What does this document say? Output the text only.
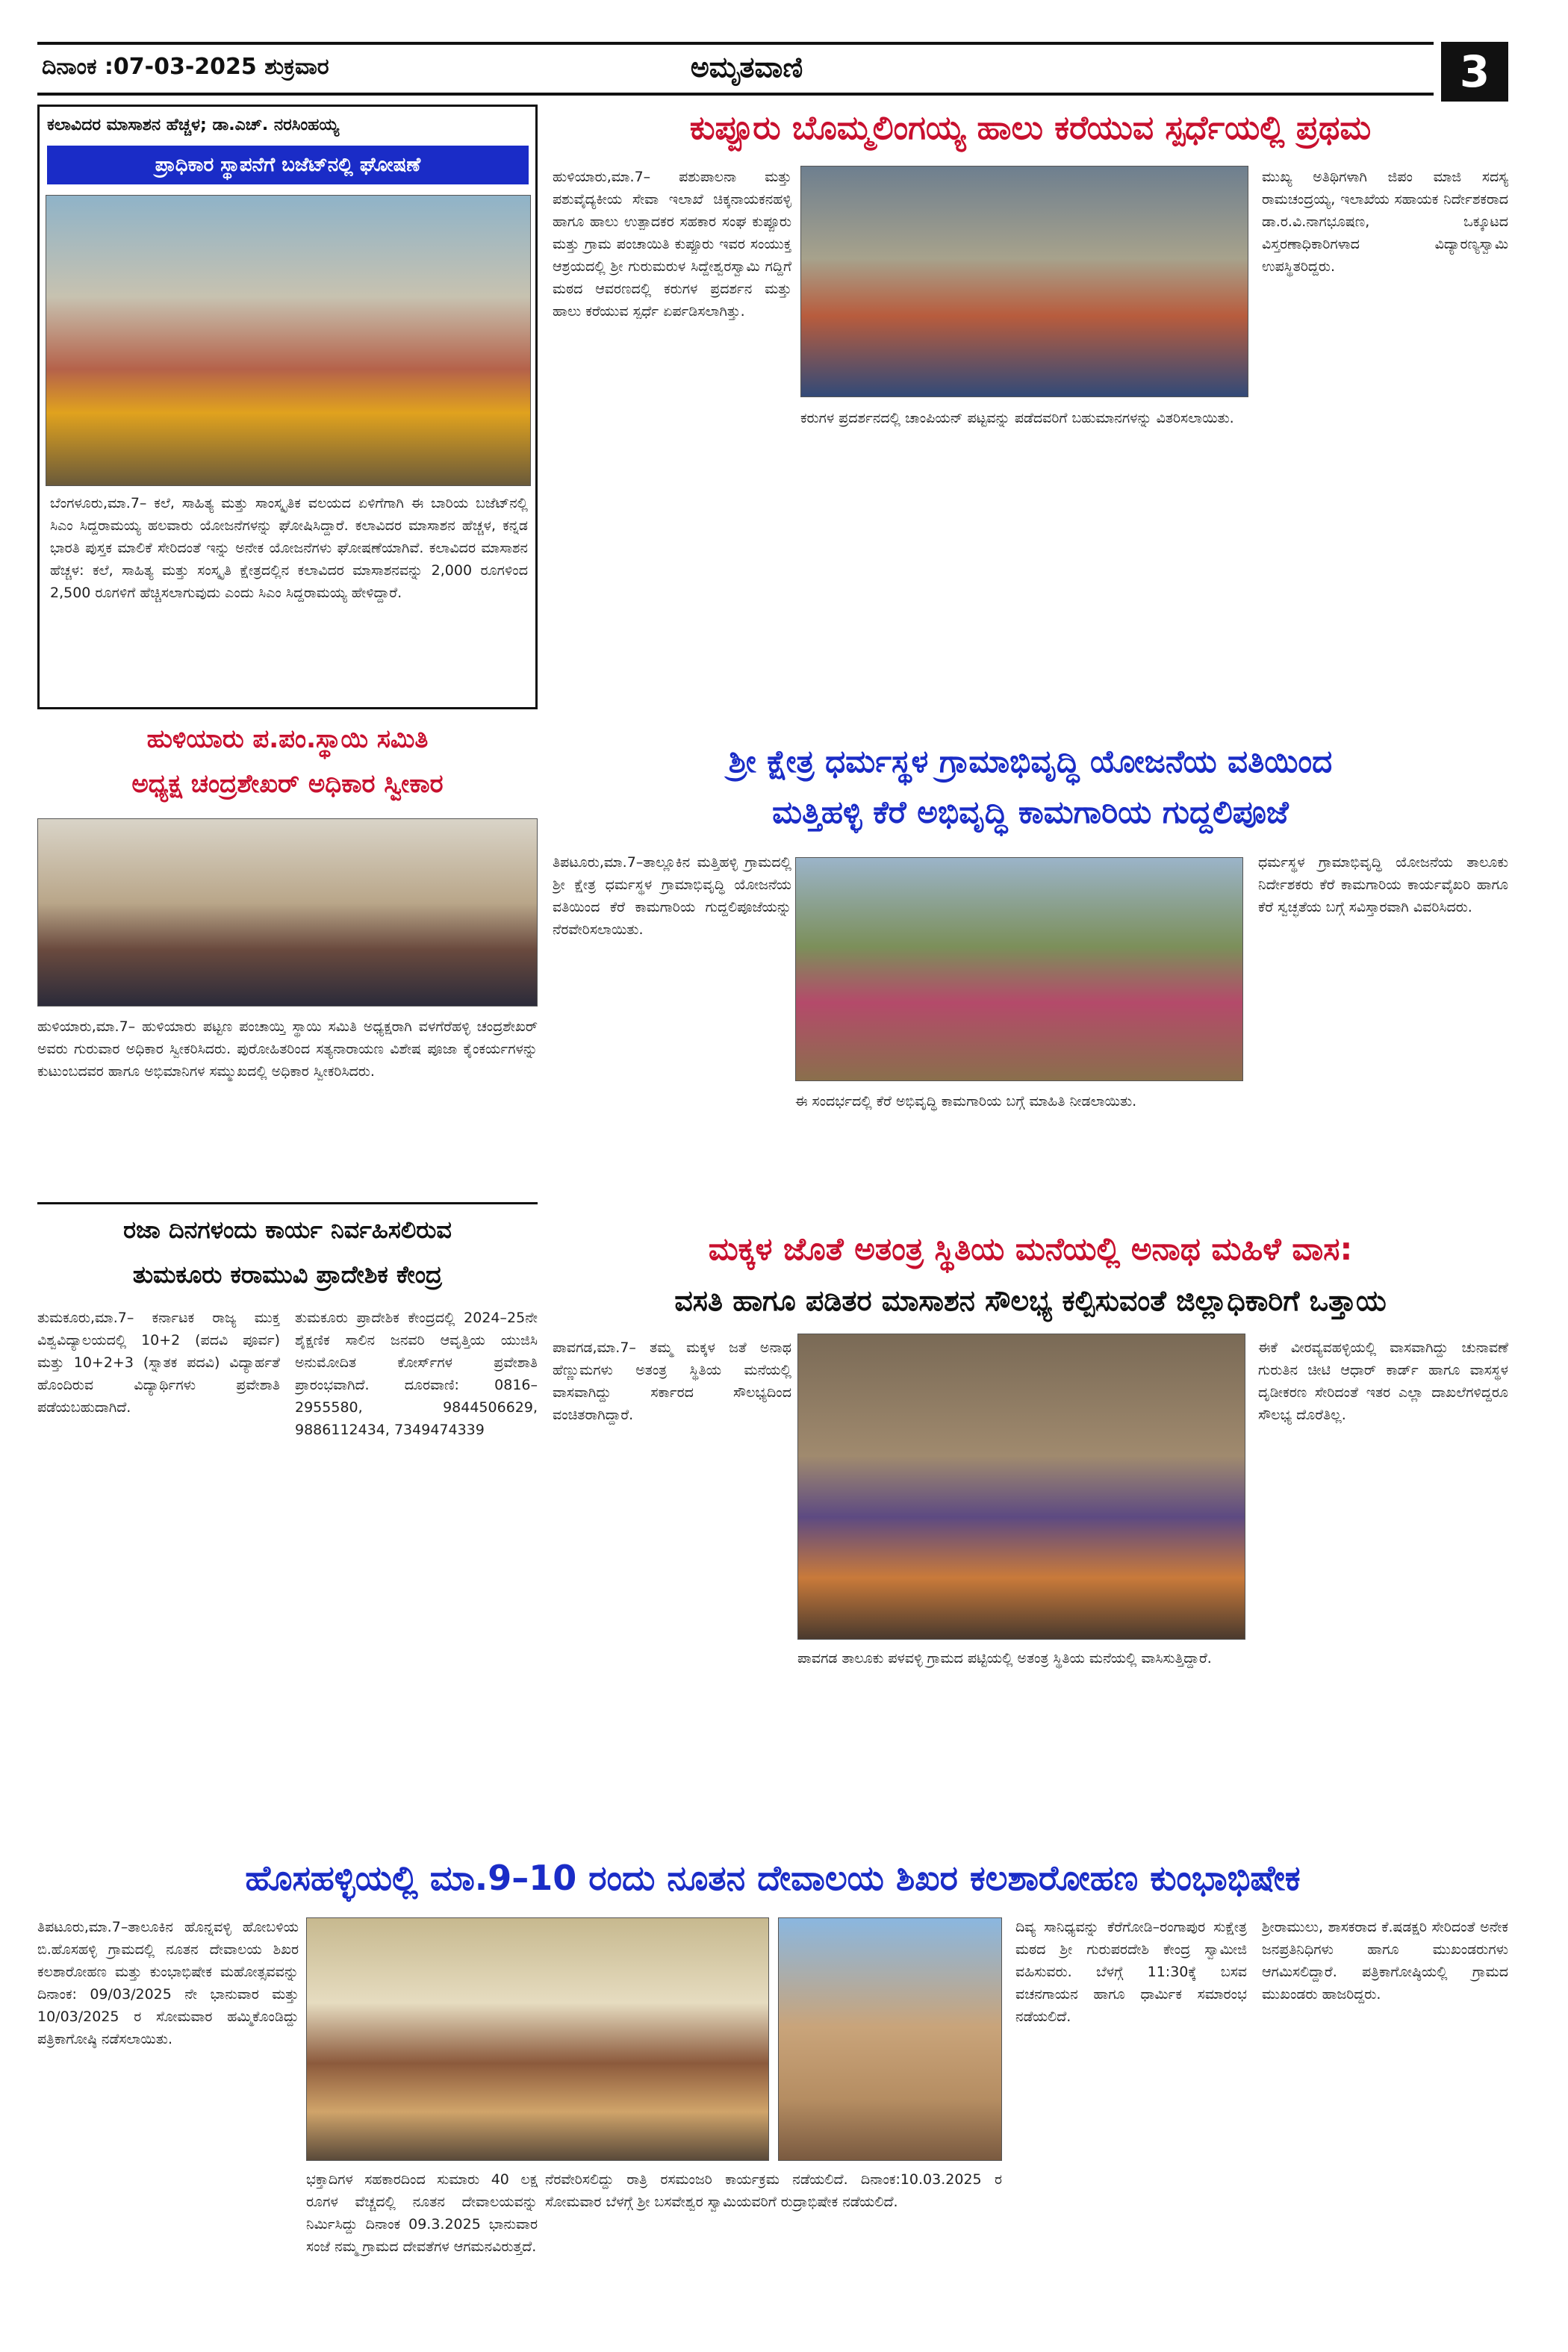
ದಿನಾಂಕ :07-03-2025 ಶುಕ್ರವಾರ	ಅಮೃತವಾಣಿ	3
ಕಲಾವಿದರ ಮಾಸಾಶನ ಹೆಚ್ಚಳ; ಡಾ.ಎಚ್. ನರಸಿಂಹಯ್ಯ
ಪ್ರಾಧಿಕಾರ ಸ್ಥಾಪನೆಗೆ ಬಜೆಟ್‌ನಲ್ಲಿ ಘೋಷಣೆ
ಬೆಂಗಳೂರು,ಮಾ.7– ಕಲೆ, ಸಾಹಿತ್ಯ ಮತ್ತು ಸಾಂಸ್ಕೃತಿಕ ವಲಯದ ಏಳಿಗೆಗಾಗಿ ಈ ಬಾರಿಯ ಬಜೆಟ್‌ನಲ್ಲಿ ಸಿಎಂ ಸಿದ್ದರಾಮಯ್ಯ ಹಲವಾರು ಯೋಜನೆಗಳನ್ನು ಘೋಷಿಸಿದ್ದಾರೆ. ಕಲಾವಿದರ ಮಾಸಾಶನ ಹೆಚ್ಚಳ, ಕನ್ನಡ ಭಾರತಿ ಪುಸ್ತಕ ಮಾಲಿಕೆ ಸೇರಿದಂತೆ ಇನ್ನು ಅನೇಕ ಯೋಜನೆಗಳು ಘೋಷಣೆಯಾಗಿವೆ. ಕಲಾವಿದರ ಮಾಸಾಶನ ಹೆಚ್ಚಳ: ಕಲೆ, ಸಾಹಿತ್ಯ ಮತ್ತು ಸಂಸ್ಕೃತಿ ಕ್ಷೇತ್ರದಲ್ಲಿನ ಕಲಾವಿದರ ಮಾಸಾಶನವನ್ನು 2,000 ರೂಗಳಿಂದ 2,500 ರೂಗಳಿಗೆ ಹೆಚ್ಚಿಸಲಾಗುವುದು ಎಂದು ಸಿಎಂ ಸಿದ್ದರಾಮಯ್ಯ ಹೇಳಿದ್ದಾರೆ.
ಕುಪ್ಪೂರು ಬೊಮ್ಮಲಿಂಗಯ್ಯ ಹಾಲು ಕರೆಯುವ ಸ್ಪರ್ಧೆಯಲ್ಲಿ ಪ್ರಥಮ
ಹುಳಿಯಾರು,ಮಾ.7– ಪಶುಪಾಲನಾ ಮತ್ತು ಪಶುವೈದ್ಯಕೀಯ ಸೇವಾ ಇಲಾಖೆ ಚಿಕ್ಕನಾಯಕನಹಳ್ಳಿ ಹಾಗೂ ಹಾಲು ಉತ್ಪಾದಕರ ಸಹಕಾರ ಸಂಘ ಕುಪ್ಪೂರು ಮತ್ತು ಗ್ರಾಮ ಪಂಚಾಯಿತಿ ಕುಪ್ಪೂರು ಇವರ ಸಂಯುಕ್ತ ಆಶ್ರಯದಲ್ಲಿ ಶ್ರೀ ಗುರುಮರುಳ ಸಿದ್ದೇಶ್ವರಸ್ವಾಮಿ ಗದ್ದಿಗೆ ಮಠದ ಆವರಣದಲ್ಲಿ ಕರುಗಳ ಪ್ರದರ್ಶನ ಮತ್ತು ಹಾಲು ಕರೆಯುವ ಸ್ಪರ್ಧೆ ಏರ್ಪಡಿಸಲಾಗಿತ್ತು.
ಕರುಗಳ ಪ್ರದರ್ಶನದಲ್ಲಿ ಚಾಂಪಿಯನ್ ಪಟ್ಟವನ್ನು ಪಡೆದವರಿಗೆ ಬಹುಮಾನಗಳನ್ನು ವಿತರಿಸಲಾಯಿತು.
ಮುಖ್ಯ ಅತಿಥಿಗಳಾಗಿ ಜಿಪಂ ಮಾಜಿ ಸದಸ್ಯ ರಾಮಚಂದ್ರಯ್ಯ, ಇಲಾಖೆಯ ಸಹಾಯಕ ನಿರ್ದೇಶಕರಾದ ಡಾ.ರ.ವಿ.ನಾಗಭೂಷಣ, ಒಕ್ಕೂಟದ ವಿಸ್ತರಣಾಧಿಕಾರಿಗಳಾದ ವಿದ್ಯಾರಣ್ಯಸ್ವಾಮಿ ಉಪಸ್ಥಿತರಿದ್ದರು.
ಹುಳಿಯಾರು ಪ.ಪಂ.ಸ್ಥಾಯಿ ಸಮಿತಿ
ಅಧ್ಯಕ್ಷ ಚಂದ್ರಶೇಖರ್ ಅಧಿಕಾರ ಸ್ವೀಕಾರ
ಹುಳಿಯಾರು,ಮಾ.7– ಹುಳಿಯಾರು ಪಟ್ಟಣ ಪಂಚಾಯ್ತಿ ಸ್ಥಾಯಿ ಸಮಿತಿ ಅಧ್ಯಕ್ಷರಾಗಿ ವಳಗೆರೆಹಳ್ಳಿ ಚಂದ್ರಶೇಖರ್ ಅವರು ಗುರುವಾರ ಅಧಿಕಾರ ಸ್ವೀಕರಿಸಿದರು. ಪುರೋಹಿತರಿಂದ ಸತ್ಯನಾರಾಯಣ ವಿಶೇಷ ಪೂಜಾ ಕೈಂಕರ್ಯಗಳನ್ನು ಕುಟುಂಬದವರ ಹಾಗೂ ಅಭಿಮಾನಿಗಳ ಸಮ್ಮುಖದಲ್ಲಿ ಅಧಿಕಾರ ಸ್ವೀಕರಿಸಿದರು.
ಶ್ರೀ ಕ್ಷೇತ್ರ ಧರ್ಮಸ್ಥಳ ಗ್ರಾಮಾಭಿವೃದ್ಧಿ ಯೋಜನೆಯ ವತಿಯಿಂದ
ಮತ್ತಿಹಳ್ಳಿ ಕೆರೆ ಅಭಿವೃದ್ಧಿ ಕಾಮಗಾರಿಯ ಗುದ್ದಲಿಪೂಜೆ
ತಿಪಟೂರು,ಮಾ.7–ತಾಲ್ಲೂಕಿನ ಮತ್ತಿಹಳ್ಳಿ ಗ್ರಾಮದಲ್ಲಿ ಶ್ರೀ ಕ್ಷೇತ್ರ ಧರ್ಮಸ್ಥಳ ಗ್ರಾಮಾಭಿವೃದ್ಧಿ ಯೋಜನೆಯ ವತಿಯಿಂದ ಕೆರೆ ಕಾಮಗಾರಿಯ ಗುದ್ದಲಿಪೂಜೆಯನ್ನು ನೆರವೇರಿಸಲಾಯಿತು.
ಈ ಸಂದರ್ಭದಲ್ಲಿ ಕೆರೆ ಅಭಿವೃದ್ಧಿ ಕಾಮಗಾರಿಯ ಬಗ್ಗೆ ಮಾಹಿತಿ ನೀಡಲಾಯಿತು.
ಧರ್ಮಸ್ಥಳ ಗ್ರಾಮಾಭಿವೃದ್ಧಿ ಯೋಜನೆಯ ತಾಲೂಕು ನಿರ್ದೇಶಕರು ಕೆರೆ ಕಾಮಗಾರಿಯ ಕಾರ್ಯವೈಖರಿ ಹಾಗೂ ಕೆರೆ ಸ್ವಚ್ಛತೆಯ ಬಗ್ಗೆ ಸವಿಸ್ತಾರವಾಗಿ ವಿವರಿಸಿದರು.
ರಜಾ ದಿನಗಳಂದು ಕಾರ್ಯ ನಿರ್ವಹಿಸಲಿರುವ
ತುಮಕೂರು ಕರಾಮುವಿ ಪ್ರಾದೇಶಿಕ ಕೇಂದ್ರ
ತುಮಕೂರು,ಮಾ.7– ಕರ್ನಾಟಕ ರಾಜ್ಯ ಮುಕ್ತ ವಿಶ್ವವಿದ್ಯಾಲಯದಲ್ಲಿ 10+2 (ಪದವಿ ಪೂರ್ವ) ಮತ್ತು 10+2+3 (ಸ್ನಾತಕ ಪದವಿ) ವಿದ್ಯಾರ್ಹತೆ ಹೊಂದಿರುವ ವಿದ್ಯಾರ್ಥಿಗಳು ಪ್ರವೇಶಾತಿ ಪಡೆಯಬಹುದಾಗಿದೆ.
ತುಮಕೂರು ಪ್ರಾದೇಶಿಕ ಕೇಂದ್ರದಲ್ಲಿ 2024–25ನೇ ಶೈಕ್ಷಣಿಕ ಸಾಲಿನ ಜನವರಿ ಆವೃತ್ತಿಯ ಯುಜಿಸಿ ಅನುಮೋದಿತ ಕೋರ್ಸ್‌ಗಳ ಪ್ರವೇಶಾತಿ ಪ್ರಾರಂಭವಾಗಿದೆ. ದೂರವಾಣಿ: 0816–2955580, 9844506629, 9886112434, 7349474339
ಮಕ್ಕಳ ಜೊತೆ ಅತಂತ್ರ ಸ್ಥಿತಿಯ ಮನೆಯಲ್ಲಿ ಅನಾಥ ಮಹಿಳೆ ವಾಸ:
ವಸತಿ ಹಾಗೂ ಪಡಿತರ ಮಾಸಾಶನ ಸೌಲಭ್ಯ ಕಲ್ಪಿಸುವಂತೆ ಜಿಲ್ಲಾಧಿಕಾರಿಗೆ ಒತ್ತಾಯ
ಪಾವಗಡ,ಮಾ.7– ತಮ್ಮ ಮಕ್ಕಳ ಜತೆ ಅನಾಥ ಹೆಣ್ಣುಮಗಳು ಅತಂತ್ರ ಸ್ಥಿತಿಯ ಮನೆಯಲ್ಲಿ ವಾಸವಾಗಿದ್ದು ಸರ್ಕಾರದ ಸೌಲಭ್ಯದಿಂದ ವಂಚಿತರಾಗಿದ್ದಾರೆ.
ಪಾವಗಡ ತಾಲೂಕು ಪಳವಳ್ಳಿ ಗ್ರಾಮದ ಪಟ್ಟಿಯಲ್ಲಿ ಅತಂತ್ರ ಸ್ಥಿತಿಯ ಮನೆಯಲ್ಲಿ ವಾಸಿಸುತ್ತಿದ್ದಾರೆ.
ಈಕೆ ವೀರವ್ಯವಹಳ್ಳಿಯಲ್ಲಿ ವಾಸವಾಗಿದ್ದು ಚುನಾವಣೆ ಗುರುತಿನ ಚೀಟಿ ಆಧಾರ್ ಕಾರ್ಡ್ ಹಾಗೂ ವಾಸಸ್ಥಳ ದೃಡೀಕರಣ ಸೇರಿದಂತೆ ಇತರ ಎಲ್ಲಾ ದಾಖಲೆಗಳಿದ್ದರೂ ಸೌಲಭ್ಯ ದೊರೆತಿಲ್ಲ.
ಹೊಸಹಳ್ಳಿಯಲ್ಲಿ ಮಾ.9–10 ರಂದು ನೂತನ ದೇವಾಲಯ ಶಿಖರ ಕಲಶಾರೋಹಣ ಕುಂಭಾಭಿಷೇಕ
ತಿಪಟೂರು,ಮಾ.7–ತಾಲೂಕಿನ ಹೊನ್ನವಳ್ಳಿ ಹೋಬಳಿಯ ಬಿ.ಹೊಸಹಳ್ಳಿ ಗ್ರಾಮದಲ್ಲಿ ನೂತನ ದೇವಾಲಯ ಶಿಖರ ಕಲಶಾರೋಹಣ ಮತ್ತು ಕುಂಭಾಭಿಷೇಕ ಮಹೋತ್ಸವವನ್ನು ದಿನಾಂಕ: 09/03/2025 ನೇ ಭಾನುವಾರ ಮತ್ತು 10/03/2025 ರ ಸೋಮವಾರ ಹಮ್ಮಿಕೊಂಡಿದ್ದು ಪತ್ರಿಕಾಗೋಷ್ಠಿ ನಡೆಸಲಾಯಿತು.
ಭಕ್ತಾದಿಗಳ ಸಹಕಾರದಿಂದ ಸುಮಾರು 40 ಲಕ್ಷ ರೂಗಳ ವೆಚ್ಚದಲ್ಲಿ ನೂತನ ದೇವಾಲಯವನ್ನು ನಿರ್ಮಿಸಿದ್ದು ದಿನಾಂಕ 09.3.2025 ಭಾನುವಾರ ಸಂಜೆ ನಮ್ಮ ಗ್ರಾಮದ ದೇವತೆಗಳ ಆಗಮನವಿರುತ್ತದೆ.
ನೆರವೇರಿಸಲಿದ್ದು ರಾತ್ರಿ ರಸಮಂಜರಿ ಕಾರ್ಯಕ್ರಮ ನಡೆಯಲಿದೆ. ದಿನಾಂಕ:10.03.2025 ರ ಸೋಮವಾರ ಬೆಳಗ್ಗೆ ಶ್ರೀ ಬಸವೇಶ್ವರ ಸ್ವಾಮಿಯವರಿಗೆ ರುದ್ರಾಭಿಷೇಕ ನಡೆಯಲಿದೆ.
ದಿವ್ಯ ಸಾನಿಧ್ಯವನ್ನು ಕೆರೆಗೋಡಿ–ರಂಗಾಪುರ ಸುಕ್ಷೇತ್ರ ಮಠದ ಶ್ರೀ ಗುರುಪರದೇಶಿ ಕೇಂದ್ರ ಸ್ವಾಮೀಜಿ ವಹಿಸುವರು. ಬೆಳಗ್ಗೆ 11:30ಕ್ಕೆ ಬಸವ ವಚನಗಾಯನ ಹಾಗೂ ಧಾರ್ಮಿಕ ಸಮಾರಂಭ ನಡೆಯಲಿದೆ.
ಶ್ರೀರಾಮುಲು, ಶಾಸಕರಾದ ಕೆ.ಷಡಕ್ಷರಿ ಸೇರಿದಂತೆ ಅನೇಕ ಜನಪ್ರತಿನಿಧಿಗಳು ಹಾಗೂ ಮುಖಂಡರುಗಳು ಆಗಮಿಸಲಿದ್ದಾರೆ. ಪತ್ರಿಕಾಗೋಷ್ಠಿಯಲ್ಲಿ ಗ್ರಾಮದ ಮುಖಂಡರು ಹಾಜರಿದ್ದರು.
